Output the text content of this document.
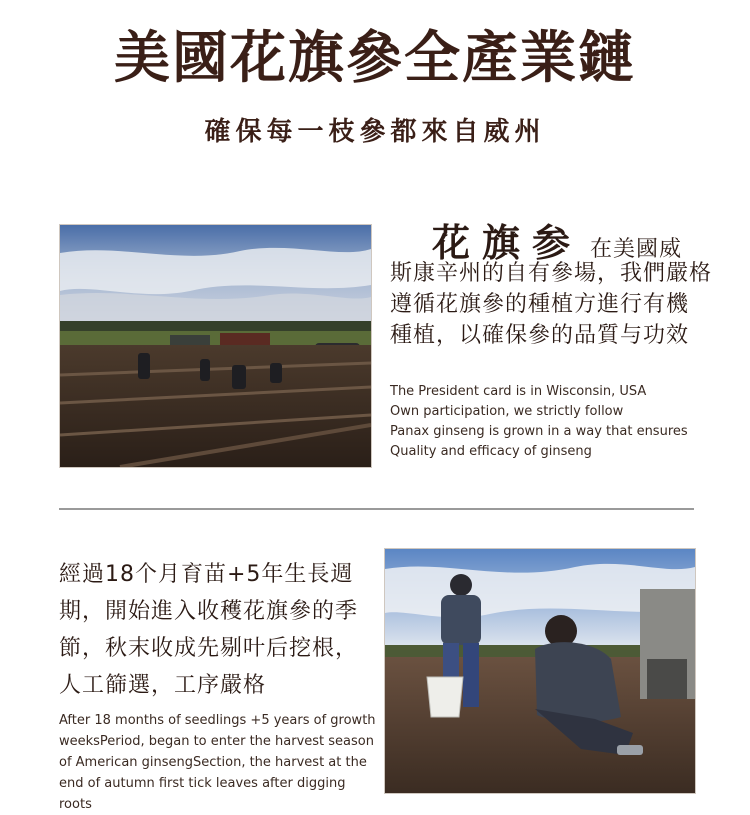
美國花旗參全產業鏈
確保每一枝參都來自威州
花旗参 在美國威
斯康辛州的自有參場，我們嚴格
遵循花旗參的種植方進行有機
種植，以確保參的品質与功效
The President card is in Wisconsin, USA
Own participation, we strictly follow
Panax ginseng is grown in a way that ensures
Quality and efficacy of ginseng
經過18个月育苗+5年生長週
期，開始進入收穫花旗參的季
節，秋末收成先剔叶后挖根，
人工篩選，工序嚴格
After 18 months of seedlings +5 years of growth
weeksPeriod, began to enter the harvest season
of American ginsengSection, the harvest at the
end of autumn first tick leaves after digging roots
